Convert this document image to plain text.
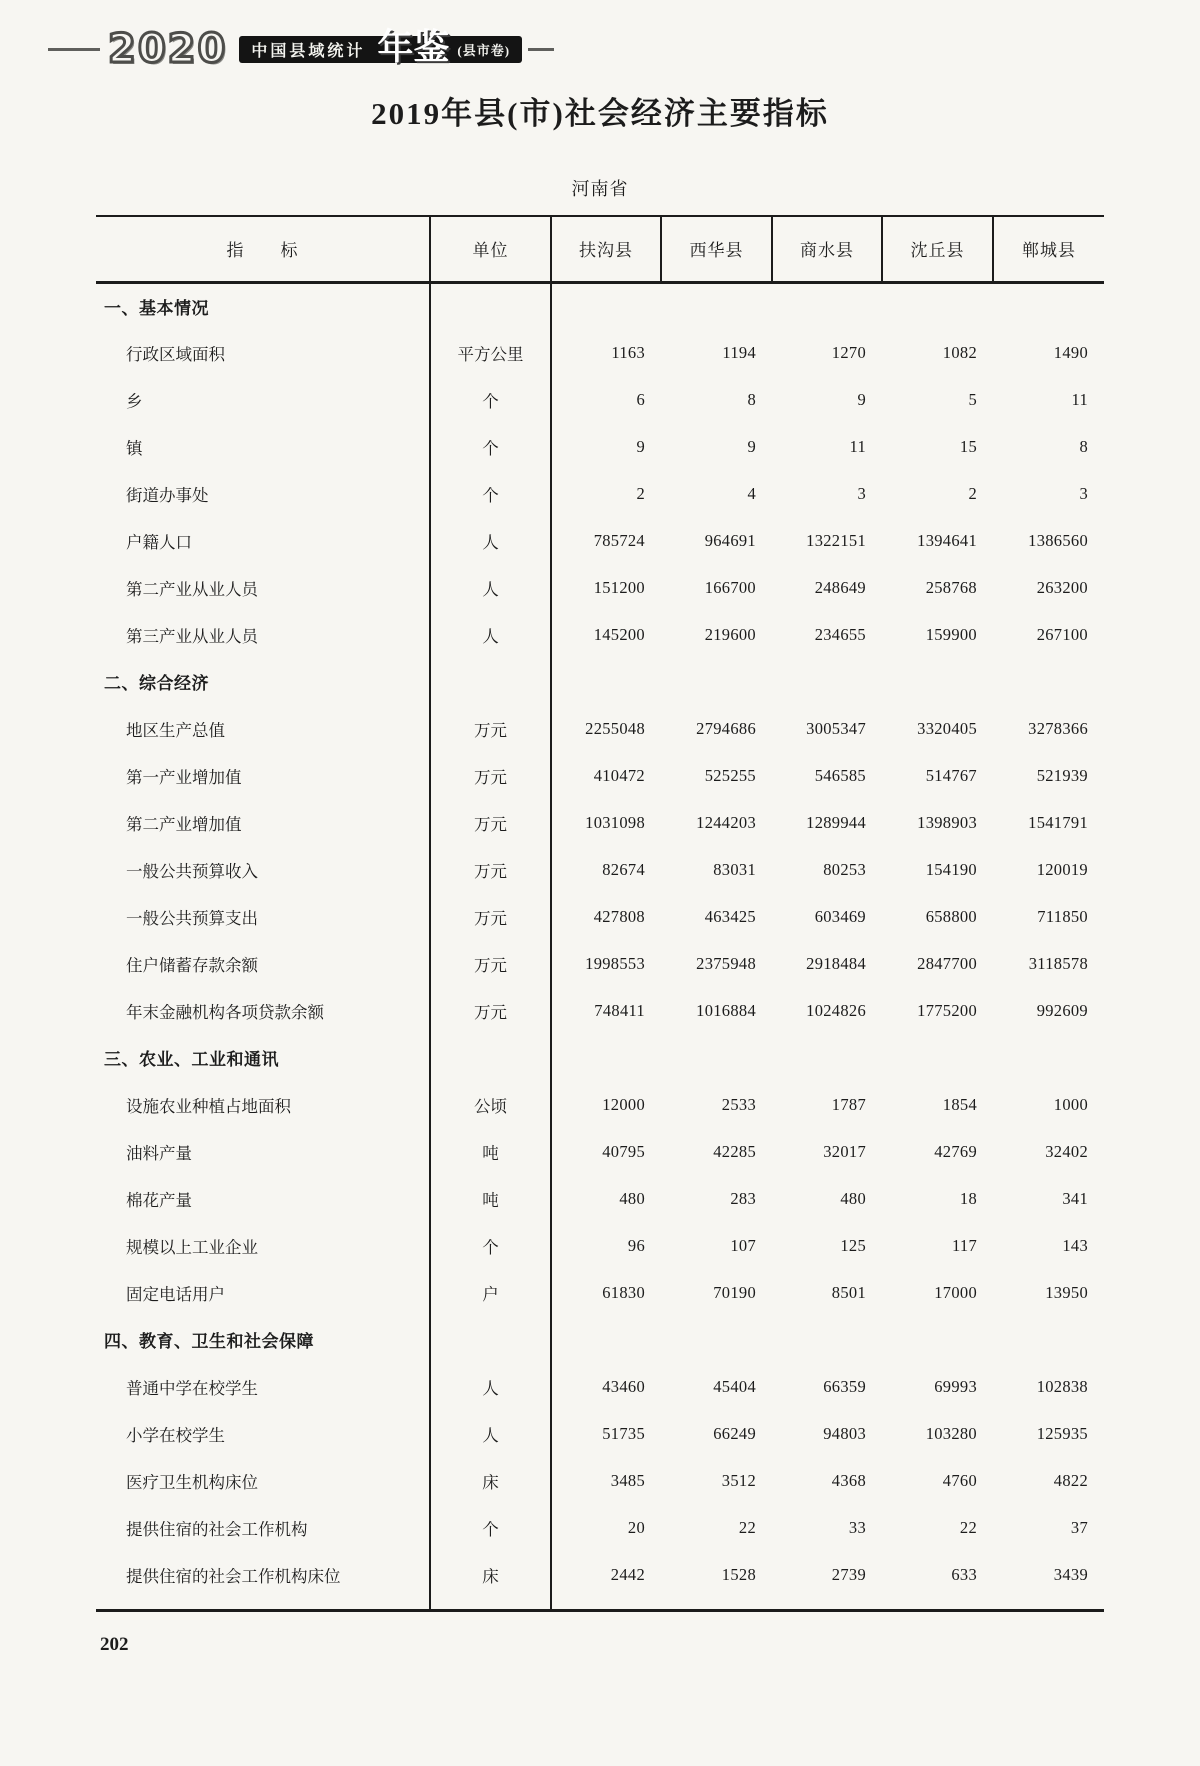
2020 中国县域统计 年鉴 (县市卷)
2019年县(市)社会经济主要指标
河南省
指　　标	单位	扶沟县	西华县	商水县	沈丘县	郸城县
一、基本情况						
行政区域面积	平方公里	1163	1194	1270	1082	1490
乡	个	6	8	9	5	11
镇	个	9	9	11	15	8
街道办事处	个	2	4	3	2	3
户籍人口	人	785724	964691	1322151	1394641	1386560
第二产业从业人员	人	151200	166700	248649	258768	263200
第三产业从业人员	人	145200	219600	234655	159900	267100
二、综合经济						
地区生产总值	万元	2255048	2794686	3005347	3320405	3278366
第一产业增加值	万元	410472	525255	546585	514767	521939
第二产业增加值	万元	1031098	1244203	1289944	1398903	1541791
一般公共预算收入	万元	82674	83031	80253	154190	120019
一般公共预算支出	万元	427808	463425	603469	658800	711850
住户储蓄存款余额	万元	1998553	2375948	2918484	2847700	3118578
年末金融机构各项贷款余额	万元	748411	1016884	1024826	1775200	992609
三、农业、工业和通讯						
设施农业种植占地面积	公顷	12000	2533	1787	1854	1000
油料产量	吨	40795	42285	32017	42769	32402
棉花产量	吨	480	283	480	18	341
规模以上工业企业	个	96	107	125	117	143
固定电话用户	户	61830	70190	8501	17000	13950
四、教育、卫生和社会保障						
普通中学在校学生	人	43460	45404	66359	69993	102838
小学在校学生	人	51735	66249	94803	103280	125935
医疗卫生机构床位	床	3485	3512	4368	4760	4822
提供住宿的社会工作机构	个	20	22	33	22	37
提供住宿的社会工作机构床位	床	2442	1528	2739	633	3439

202
